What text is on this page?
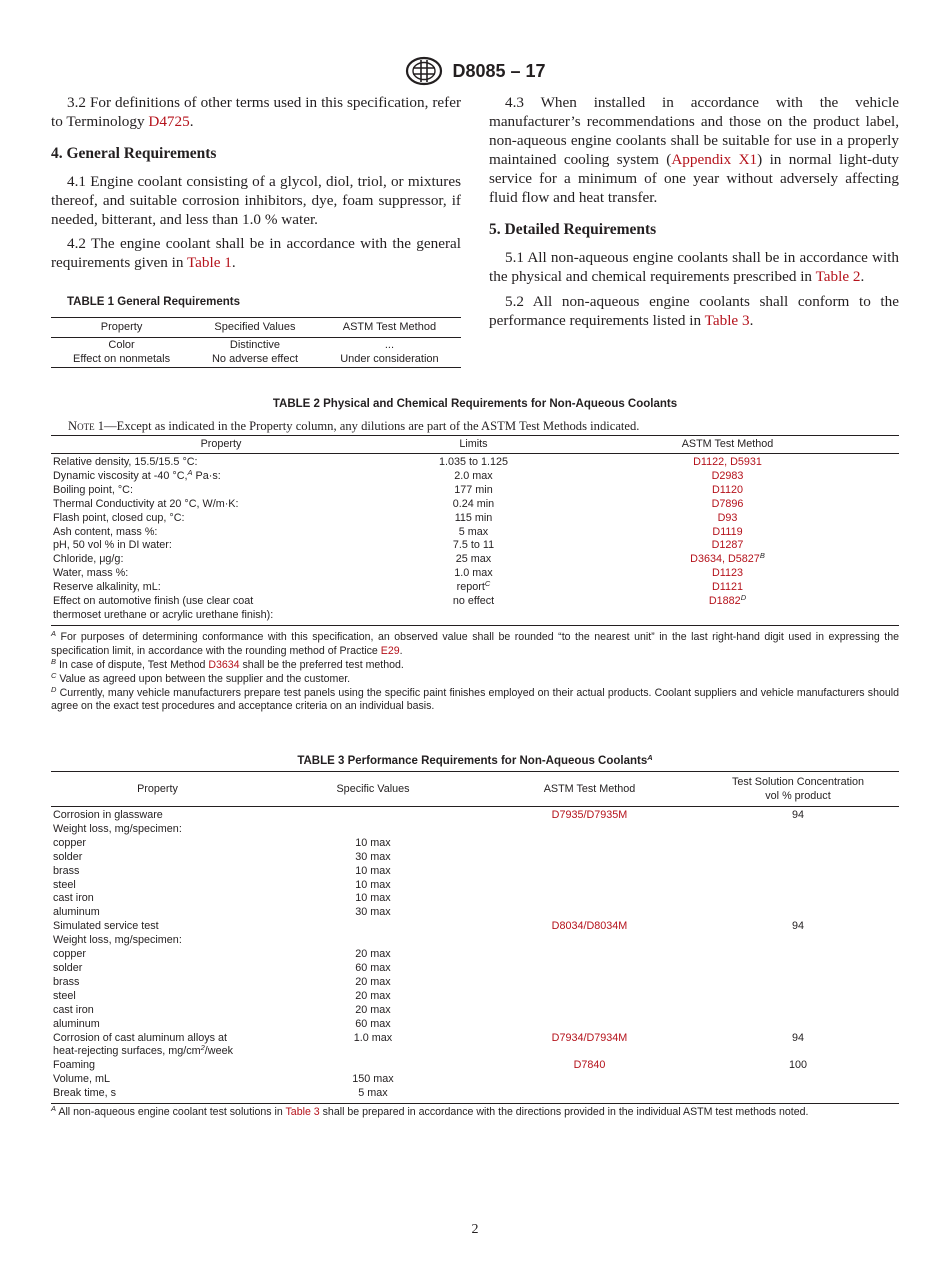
D8085 – 17

3.2 For definitions of other terms used in this specification, refer to Terminology D4725.

4. General Requirements

4.1 Engine coolant consisting of a glycol, diol, triol, or mixtures thereof, and suitable corrosion inhibitors, dye, foam suppressor, if needed, bitterant, and less than 1.0 % water.

4.2 The engine coolant shall be in accordance with the general requirements given in Table 1.

TABLE 1 General Requirements

Property	Specified Values	ASTM Test Method
Color	Distinctive	...
Effect on nonmetals	No adverse effect	Under consideration

4.3 When installed in accordance with the vehicle manufacturer’s recommendations and those on the product label, non-aqueous engine coolants shall be suitable for use in a properly maintained cooling system (Appendix X1) in normal light-duty service for a minimum of one year without adversely affecting fluid flow and heat transfer.

5. Detailed Requirements

5.1 All non-aqueous engine coolants shall be in accordance with the physical and chemical requirements prescribed in Table 2.

5.2 All non-aqueous engine coolants shall conform to the performance requirements listed in Table 3.

TABLE 2 Physical and Chemical Requirements for Non-Aqueous Coolants

Note 1—Except as indicated in the Property column, any dilutions are part of the ASTM Test Methods indicated.

Property	Limits	ASTM Test Method
Relative density, 15.5/15.5 °C:	1.035 to 1.125	D1122, D5931
Dynamic viscosity at -40 °C,$^A$ Pa·s:	2.0 max	D2983
Boiling point, °C:	177 min	D1120
Thermal Conductivity at 20 °C, W/m·K:	0.24 min	D7896
Flash point, closed cup, °C:	115 min	D93
Ash content, mass %:	5 max	D1119
pH, 50 vol % in DI water:	7.5 to 11	D1287
Chloride, μg/g:	25 max	D3634, $D5827^B$
Water, mass %:	1.0 max	D1123
Reserve alkalinity, mL:	report$^C$	D1121
Effect on automotive finish (use clear coat	no effect	$D1882^D$
thermoset urethane or acrylic urethane finish):		

$^A$ For purposes of determining conformance with this specification, an observed value shall be rounded “to the nearest unit” in the last right-hand digit used in expressing the specification limit, in accordance with the rounding method of Practice E29.

$^B$ In case of dispute, Test Method D3634 shall be the preferred test method.

$^C$ Value as agreed upon between the supplier and the customer.

$^D$ Currently, many vehicle manufacturers prepare test panels using the specific paint finishes employed on their actual products. Coolant suppliers and vehicle manufacturers should agree on the exact test procedures and acceptance criteria on an individual basis.

TABLE 3 Performance Requirements for Non-Aqueous Coolants$^A$

Property	Specific Values	ASTM Test Method	Test Solution Concentration
vol % product
Corrosion in glassware		D7935/D7935M	94
Weight loss, mg/specimen:			
copper	10 max		
solder	30 max		
brass	10 max		
steel	10 max		
cast iron	10 max		
aluminum	30 max		
Simulated service test		D8034/D8034M	94
Weight loss, mg/specimen:			
copper	20 max		
solder	60 max		
brass	20 max		
steel	20 max		
cast iron	20 max		
aluminum	60 max		
Corrosion of cast aluminum alloys at	1.0 max	D7934/D7934M	94
heat-rejecting surfaces, $mg/cm^2$/week			
Foaming		D7840	100
Volume, mL	150 max		
Break time, s	5 max		

$^A$ All non-aqueous engine coolant test solutions in Table 3 shall be prepared in accordance with the directions provided in the individual ASTM test methods noted.

2
